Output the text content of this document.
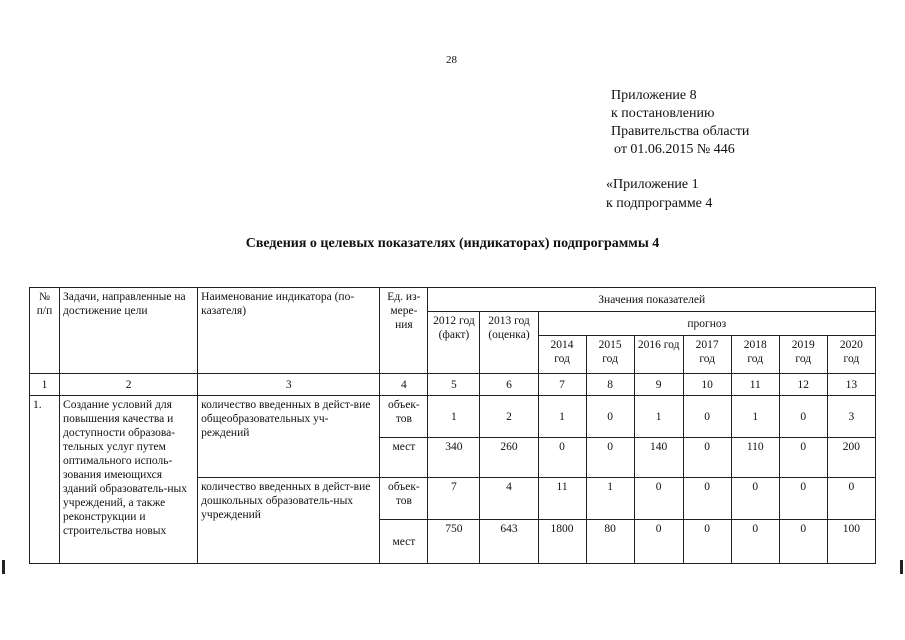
28
Приложение 8
к постановлению
Правительства области
от 01.06.2015 № 446
«Приложение 1
к подпрограмме 4
Сведения о целевых показателях (индикаторах) подпрограммы 4
№ п/п	Задачи, направленные на достижение цели	Наименование индикатора (по-казателя)	Ед. из-мере-ния	Значения показателей								
				2012 год (факт)	2013 год (оценка)	прогноз						
						2014 год	2015 год	2016 год	2017 год	2018 год	2019 год	2020 год
1	2	3	4	5	6	7	8	9	10	11	12	13
1.	Создание условий для повышения качества и доступности образова-тельных услуг путем оптимального исполь-зования имеющихся зданий образователь-ных учреждений, а также реконструкции и строительства новых	количество введенных в дейст-вие общеобразовательных уч-реждений	объек-тов	1	2	1	0	1	0	1	0	3
			мест	340	260	0	0	140	0	110	0	200
		количество введенных в дейст-вие дошкольных образователь-ных учреждений	объек-тов	7	4	11	1	0	0	0	0	0
			мест	750	643	1800	80	0	0	0	0	100
